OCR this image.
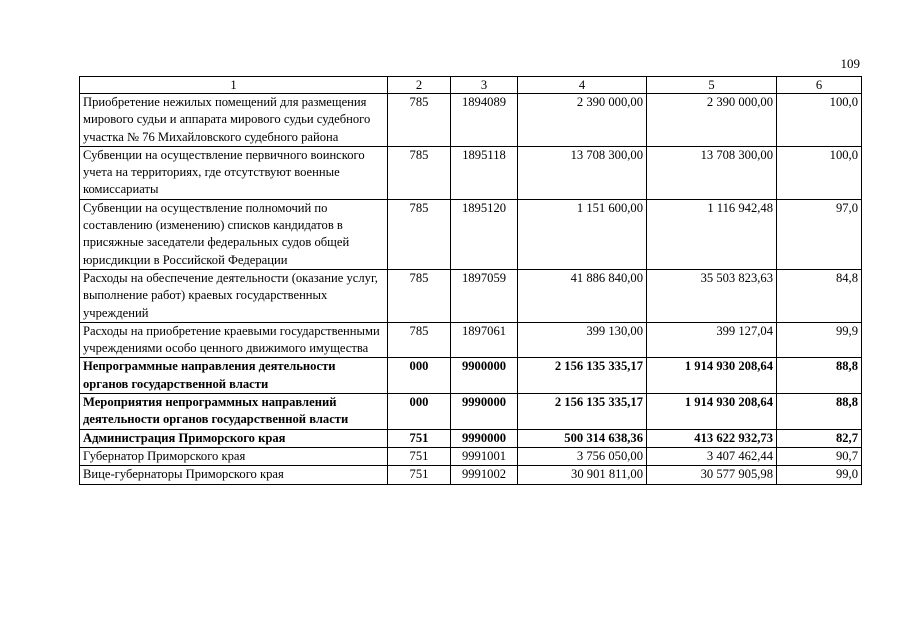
109
1	2	3	4	5	6
Приобретение нежилых помещений для размещения мирового судьи и аппарата мирового судьи судебного участка № 76 Михайловского судебного района	785	1894089	2 390 000,00	2 390 000,00	100,0
Субвенции на осуществление первичного воинского учета на территориях, где отсутствуют военные комиссариаты	785	1895118	13 708 300,00	13 708 300,00	100,0
Субвенции на осуществление полномочий по составлению (изменению) списков кандидатов в присяжные заседатели федеральных судов общей юрисдикции в Российской Федерации	785	1895120	1 151 600,00	1 116 942,48	97,0
Расходы на обеспечение деятельности (оказание услуг, выполнение работ) краевых государственных учреждений	785	1897059	41 886 840,00	35 503 823,63	84,8
Расходы на приобретение краевыми государственными учреждениями особо ценного движимого имущества	785	1897061	399 130,00	399 127,04	99,9
Непрограммные направления деятельности органов государственной власти	000	9900000	2 156 135 335,17	1 914 930 208,64	88,8
Мероприятия непрограммных направлений деятельности органов государственной власти	000	9990000	2 156 135 335,17	1 914 930 208,64	88,8
Администрация Приморского края	751	9990000	500 314 638,36	413 622 932,73	82,7
Губернатор Приморского края	751	9991001	3 756 050,00	3 407 462,44	90,7
Вице-губернаторы Приморского края	751	9991002	30 901 811,00	30 577 905,98	99,0
